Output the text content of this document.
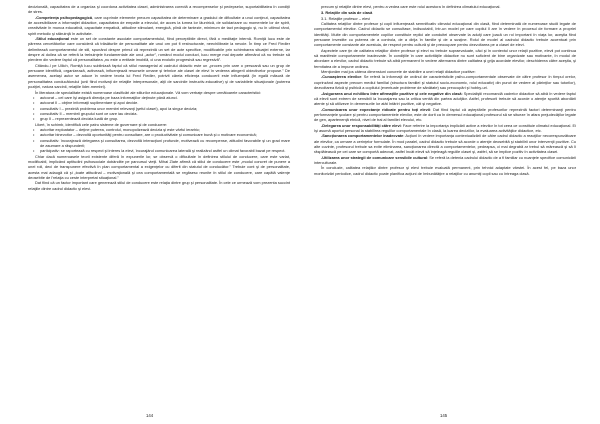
decizională, capacitatea de a organiza şi coordona activitatea clasei, administrarea corectă a recompenselor şi pedepselor, suportabilitatea în condiţii de stres.

-Competenţa psihopedagogică, care cuprinde elemente precum capacitatea de determinare a gradului de dificultate a unui conţinut, capacitatea de accesibilizare a informaţiei didactice, capacitatea de empatie a elevului, de acces la lumea lor lăuntrică, de solidarizare cu momentele lor de spirit, creativitate în munca educativă, capacitate empatică, atitudine stimulant, energică, plină de fantezie, minimum de tact pedagogic şi, nu în ultimul rând, spirit metodic şi stăruinţă în activitate.

-Stilul educaţional este un set de constante asociate comportamentului, fiind perceptibile direct, fără o meditaţie internă. Romiţă Iucu este de părerea cercetătorilor care consideră că trăsăturile de personalitate ale unui om pot fi restructurate, neechilibrate la nevoie. În timp ce Fred Fiedler delimitează comportamentul de stil, spunând despre primul că reprezintă un set de acte specifice, modificabile prin schimbarea situaţiei externe, iar despre al doilea că se referă la trebuinţele fundamentale ale unui „actor”, romând modul conduct, Iucu merge mai departe afirmând că nu trebuie să pierdem din vedere faptul că personalitatea „nu este o entitate imobilă, ci una evolutiv progresivă sau regresivă”.

Citându-l pe Ullich, Romiţă Iucu subliniază faptul că stilul managerial al cadrului didactic este un „proces prin care o persoană sau un grup de persoane identifică, organizează, activează, influenţează resursele umane şi tehnice ale clasei de elevi în vederea atingerii obiectivelor propuse.” De asemenea, acelaşi autor se aduce în vedere teoria lui Fred Fiedler, potrivit căreia eficienţa conducerii este influenţată (în egală măsură de personalitatea conducătorului (unii fiind motivaţi de relaţiile interpersonale, alţii de sarcinile instructiv-educative) şi de variabilele situaţionale (puterea poziţiei, natura sarcinii, relaţiile lider-membri).

În literatura de specialitate există numeroase clasificări ale stilurilor educaţionale. Vă vom verbaţe despre următoarele caracteristici:

• autocrat – cel care îşi asigură direcţia pe baza informaţiilor deţinute până atunci.
• autocrat II – obţine informaţii suplimentare şi apoi decide.
• consultativ I – prezintă problema unor membri relevanţi (şeful clasei), apoi ia singur decizia;
• consultativ II – membrii grupului sunt ce care iau decizia.
• grup II – reprezentează decizia luată de grup.

Likert, în schimb, identifică cele patru sisteme de guvernare şi de conducere:

• autoritar exploatator – deţine puterea, controlul, monopolizează decizia şi este vârful ierarhic;
• autoritar binevoitor – dezvoltă oportunităţi pentru consultare, are o productivitate şi comunicare bună şi o motivare economică;
• consultativ: încurajează delegarea şi consultarea, dezvoltă interacţiuni profunde, motivează cu recompense, atitudini favorabile şi un grad mare de asumare a răspunderii;
• participativ: se raportează cu respect şi interes la elevi, încurajând comunicarea laterală şi realizând astfel un climat favorabil bazat pe respect.

Chiar dacă numeroasele teorii existente diferă în expunerile lor, se observă o dificultate în definirea stilului de conducere, care este variat, modificabil, implicând aptitudini psihosociale dobândite pe parcursul vieţii. Mihai Zlate afirmă că stilul de conducere este „modul concret de punere a unei roli, deci de transpunere efectivă în plan comportamental a exigenţelor cu diferit din statutul de conducător.” Trebuie cont şi de personalitate, acesta mai adaugă că şi „toate atitudinal – motivaţională şi cea comportamentală se regăsesc reunite în stilul de conducere, care capătă valenţe deosebite de l'relaţia cu ceste interpretat situaţional.”

Dat fiind că un factor important care generează stilul de conducere este relaţia dintre grup şi personalitate. În cele ce urmează vom prezenta succint relaţiile dintre cadrul didactic şi elevi.

144

precum şi relaţiile dintre elevi, pentru a vedea care este rolul acestora în definirea climatului educaţional.

3. Relaţiile din sala de clasă
3.1. Relaţiile profesor – elevi

Calitatea relaţiilor dintre profesor şi copii influenţează semnificativ climatul educaţional din clasă, fiind determinată de numeroase studii legate de comportamentul elevilor. Cadrul didactic se consultase, indiscutabil, într-un model pe care copilul îl are în vedere în procesul de formare a propriei identităţi. Multe din comportamentele copiilor constituie replici ale conduitei observate la adulţi care joacă un rol important în viaţa lor, aceştia fiind persoane investite cu puterea de a controla, de a dirija în familie şi de a susţine. Rolul de model al cadrului didactic trebuie accentuat prin comportamente constante ale acestuia, de respect pentru cultură şi de preocupare pentru dezvoltarea pe a clasei de elevi.

Aspectele care ţin de calitatea relaţiilor dintre profesor şi elevi nu trebuie supraevaluate, căci şi în contextul unor relaţii pozitive, elevii pot continua să manifeste comportamente inadecvate. În condiţiile în care activităţile didactice nu sunt suficient de bine organizate sau motivante, în modul de abordare a elevilor, cadrul didactic trebuie să aibă permanent în vedere alternarea dintre calitatea şi grija acordate elevilor, deschiderea către aceştia, şi fermitatea de a impune ordinea.

Menţionăm mai jos câteva dimensiuni concrete de stabilire a unei relaţii didactice pozitive:

-Cunoaşterea elevilor: Se referă la informaţii de ordinul de caracteristicile psiho-comportamentale observate de către profesor în timpul orelor, cuprinzând aspecte precum mediul familial (structura familiei şi statutul socio-economic, rolul educativ) din punct de vedere al părinţilor sau tutorilor), dezvoltarea fizică şi psihică a copilului (eventuale probleme de sănătate) sau preocupări şi hobby-uri.

-Asigurarea unui echilibru între afirmaţiile pozitive şi cele negative din clasă: Specialiştii recomandă cadrelor didactice să aibă în vedere faptul că elevii sunt extrem de sensibili la încurajarea sau la critica venită din partea adulţilor. Astfel, profesorii trebuie să acorde o atenţie sporită abordării atente şi să utilizeze în demersurile lor atât întăriri pozitive, cât şi negative.

-Comunicarea unor expectanţe ridicate pentru toţi elevii: Dat fiind faptul că aşteptările profesorilor reprezintă factori determinanţi pentru performanţele şcolare şi pentru comportamentele elevilor, este de dorit ca în demersul educaţional profesorul să se situeze în afara prejudecăţilor legate de gen, apartenenţă etnică, nivel de trai al familiei elevului, etc.

-Delegarea unor responsabilităţi către elevi: Face referire la importanţa implicării active a elevilor în tot ceea ce constituie climatul educaţional. Ei îşi asumă aportul personal la stabilirea regulilor comportamentale în clasă, la luarea deciziilor, la evaluarea activităţilor didactice, etc.

-Sancţionarea comportamentelor inadecvate: Acţiuni în vedere importanţa contextualizării de către cadrul didactic a reacţiilor necorespunzătoare ale elevilor, ca urmare a cerinţelor formulate. În mod paralel, cadrul didactic trebuie să acorde o atenţie deosebită şi stabilirii unor intervenţii pozitive. Cu alte cuvinte, profesorul trebuie sa evite eliminarea, sancţionarea directă a comportamentelor, pedeapsa, ci mai degrabă ar trebui să mărească şi să îi răsplătească pe cei care se comportă adecvat, astfel încât elevii să înţeleagă regulile clasei şi, astfel, să se implice pozitiv în activitatea clasei.

-Utilizarea unor strategii de comunicare sensibile cultural: Se referă la detenia cadrului didactic de a fi familiar cu nuanţele specifice comunicării interculturale.

În concluzie, calitatea relaţiilor dintre profesor şi elevi trebuie evaluată permanent, prin tehnici adaptate vârstei. În acest fel, pe baza unor monitorizări periodice, cadrul didactic poate planifica acţiuni de îmbunătăţire a relaţiilor cu anumiţi copii sau cu întreaga clasă.

145
